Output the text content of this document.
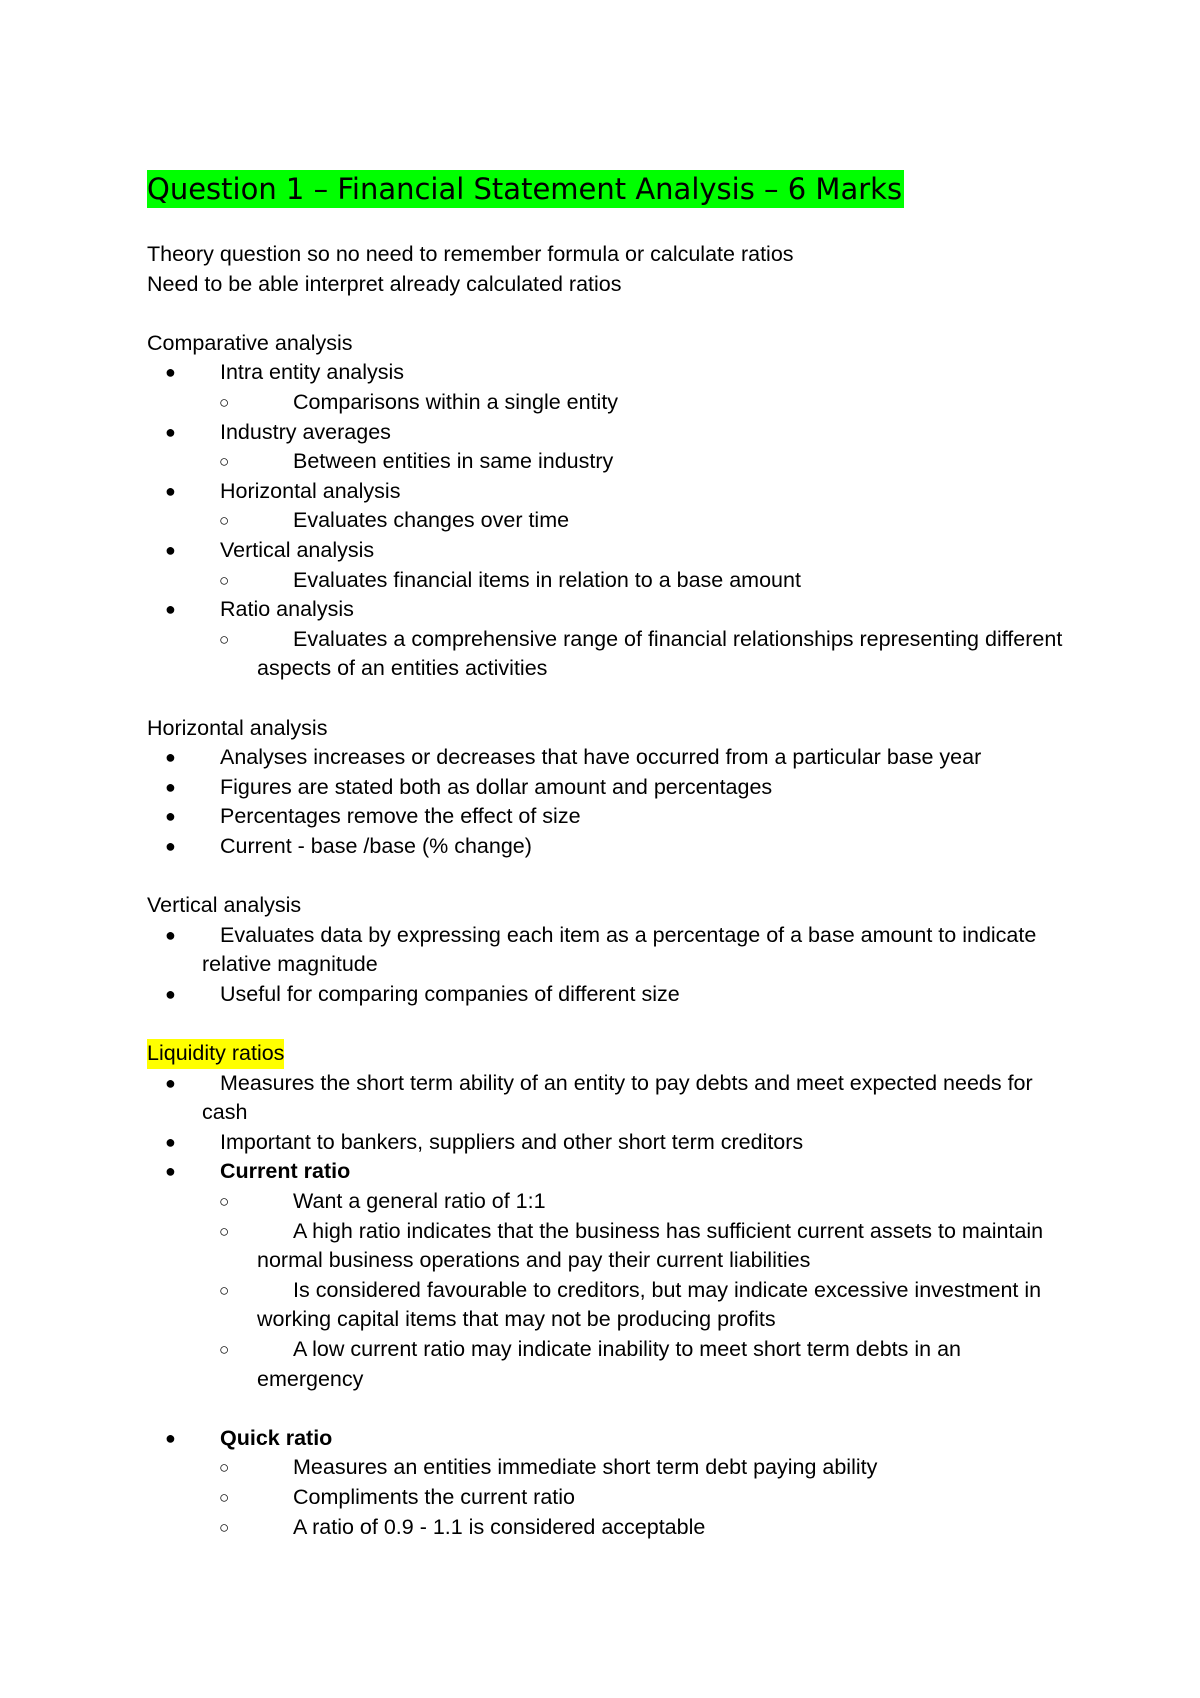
Question 1 – Financial Statement Analysis – 6 Marks
Theory question so no need to remember formula or calculate ratios
Need to be able interpret already calculated ratios
Comparative analysis
● Intra entity analysis
○	Comparisons within a single entity
● Industry averages
○	Between entities in same industry
● Horizontal analysis
○	Evaluates changes over time
● Vertical analysis
○	Evaluates financial items in relation to a base amount
● Ratio analysis
○	Evaluates a comprehensive range of financial relationships representing different aspects of an entities activities
Horizontal analysis
● Analyses increases or decreases that have occurred from a particular base year
● Figures are stated both as dollar amount and percentages
● Percentages remove the effect of size
● Current - base /base (% change)
Vertical analysis
●	Evaluates data by expressing each item as a percentage of a base amount to indicate relative magnitude
● Useful for comparing companies of different size
Liquidity ratios
●	Measures the short term ability of an entity to pay debts and meet expected needs for cash
● Important to bankers, suppliers and other short term creditors
● Current ratio
○	Want a general ratio of 1:1
○	A high ratio indicates that the business has sufficient current assets to maintain normal business operations and pay their current liabilities
○	Is considered favourable to creditors, but may indicate excessive investment in working capital items that may not be producing profits
○	A low current ratio may indicate inability to meet short term debts in an emergency
● Quick ratio
○	Measures an entities immediate short term debt paying ability
○	Compliments the current ratio
○	A ratio of 0.9 - 1.1 is considered acceptable
